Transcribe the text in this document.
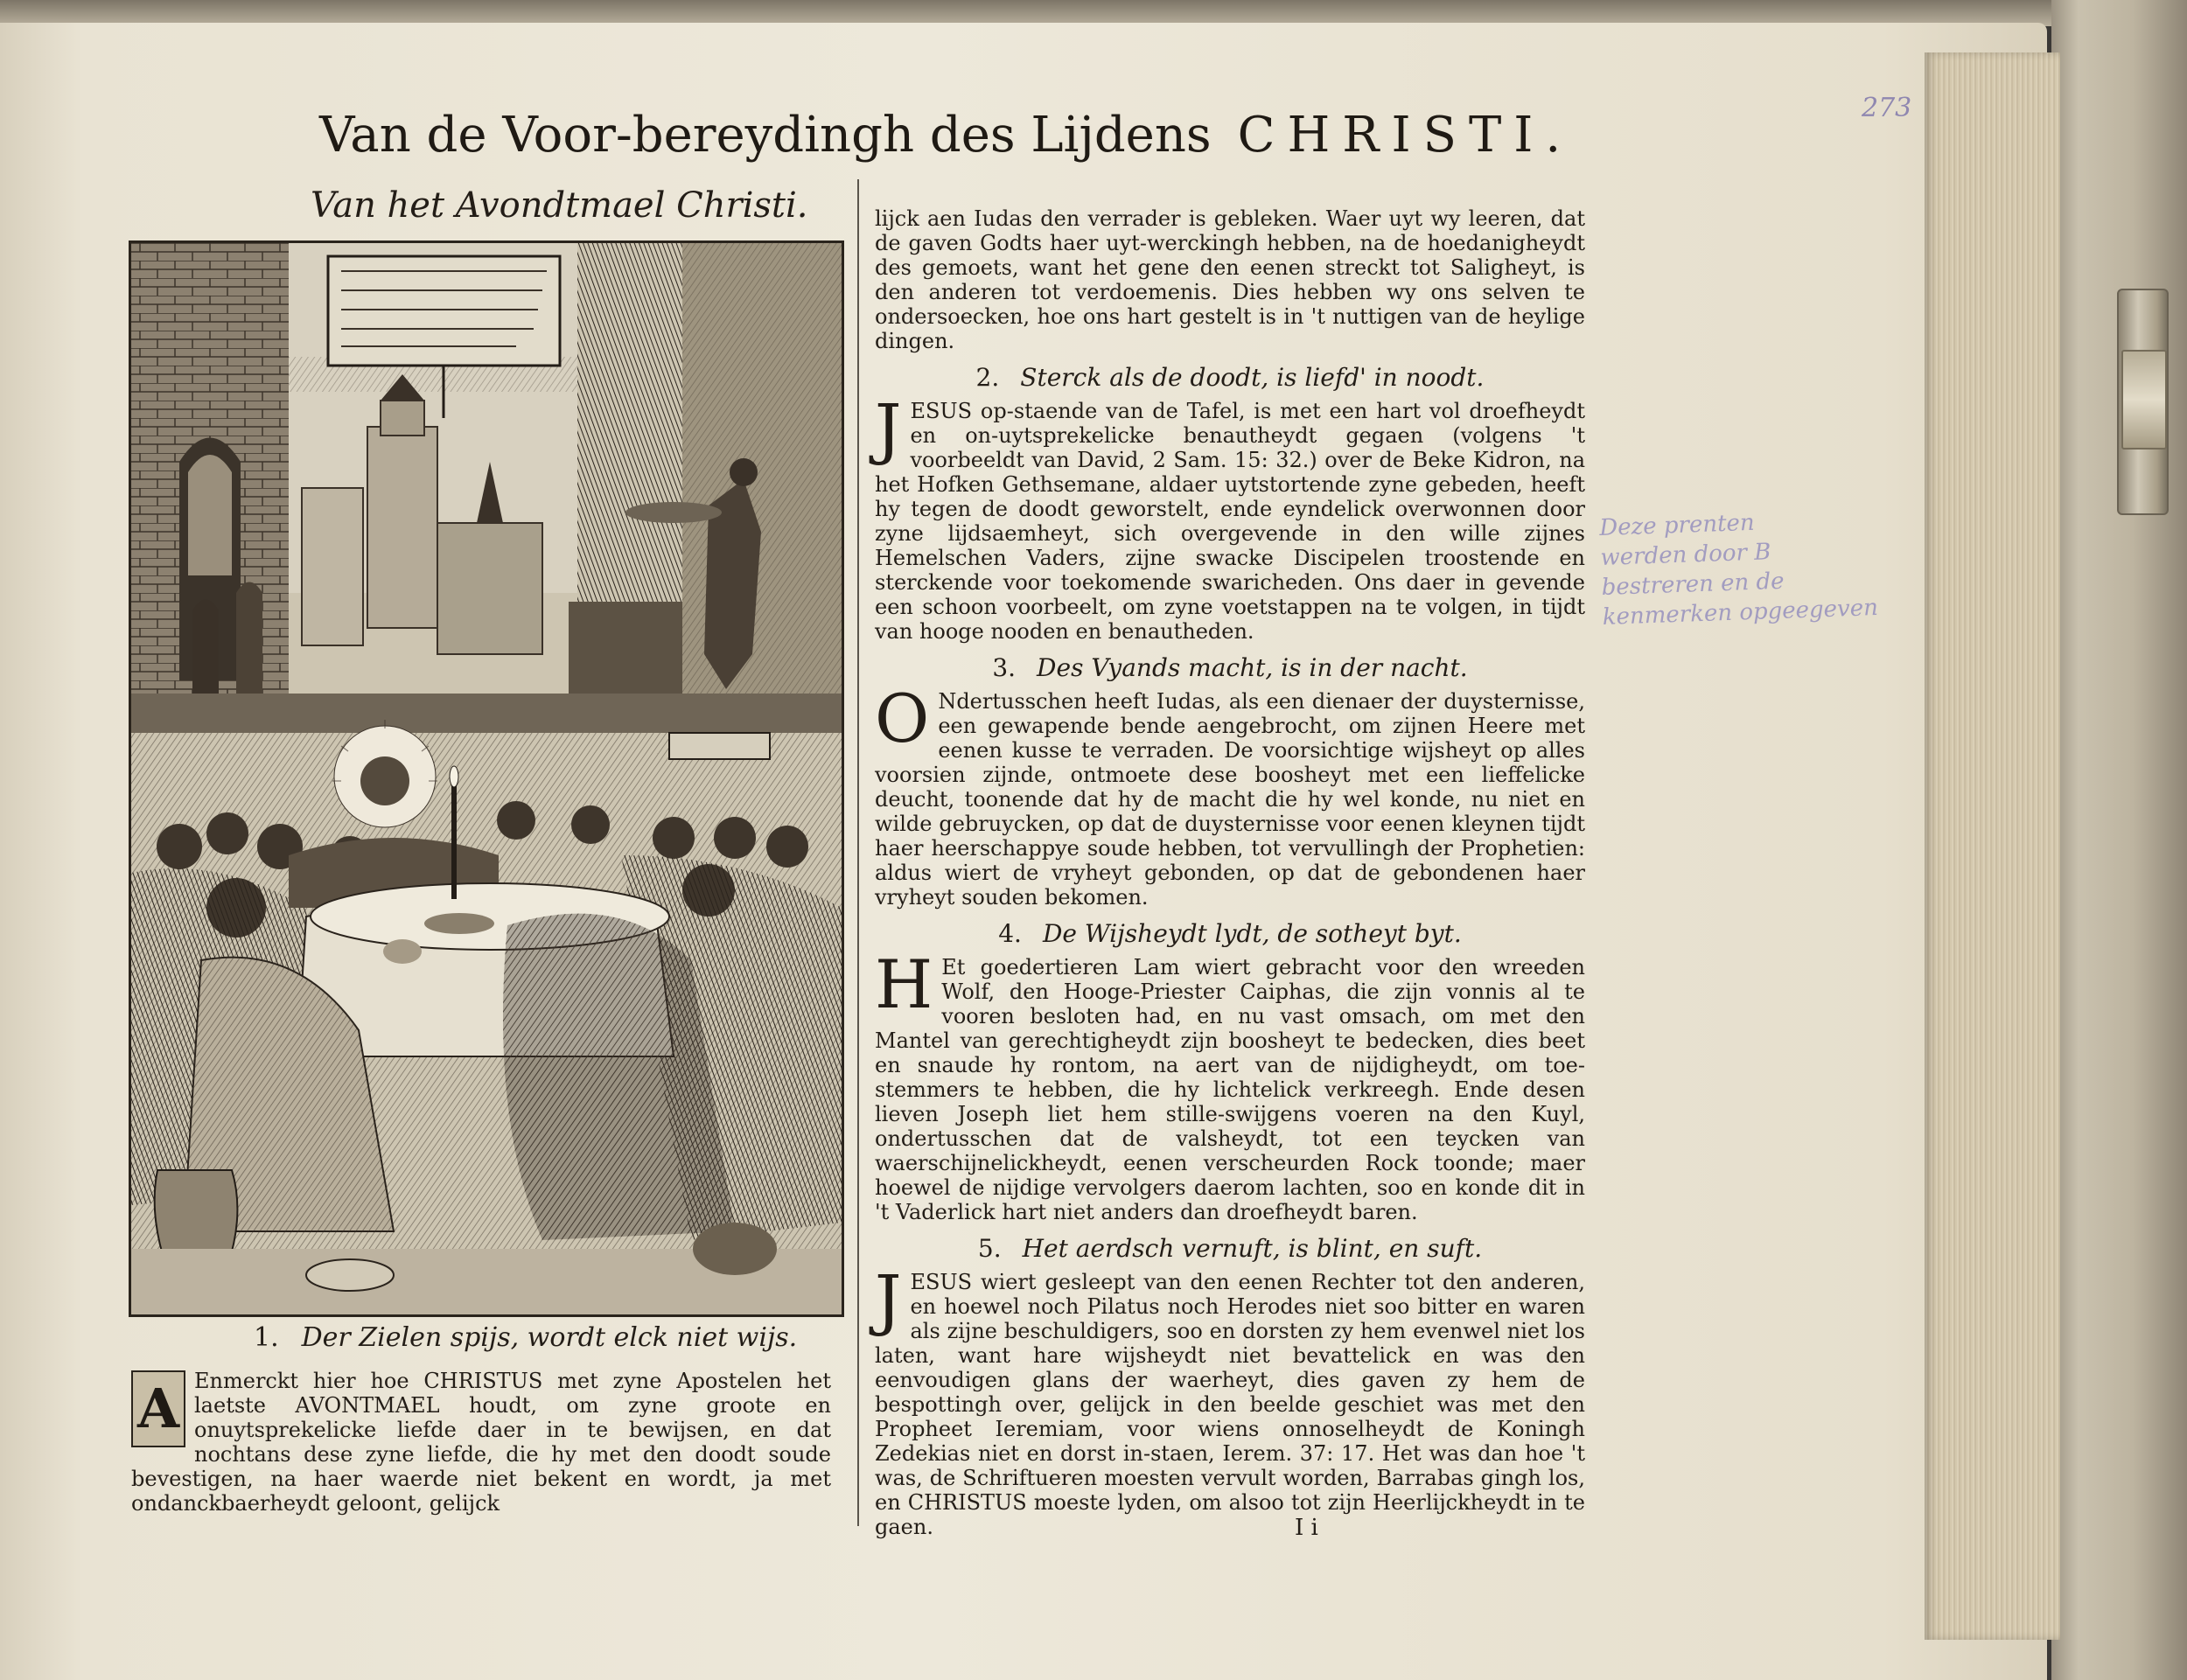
273
Van de Voor-bereydingh des Lijdens CHRISTI.
Van het Avondtmael Christi.
1. Der Zielen spijs, wordt elck niet wijs.
A Enmerckt hier hoe CHRISTUS met zyne Apostelen het laetste AVONTMAEL houdt, om zyne groote en onuytsprekelicke liefde daer in te bewijsen, en dat nochtans dese zyne liefde, die hy met den doodt soude bevestigen, na haer waerde niet bekent en wordt, ja met ondanckbaerheydt geloont, gelijck

lijck aen Iudas den verrader is gebleken. Waer uyt wy leeren, dat de gaven Godts haer uyt-werckingh hebben, na de hoedanigheydt des gemoets, want het gene den eenen streckt tot Saligheyt, is den anderen tot verdoemenis. Dies hebben wy ons selven te ondersoecken, hoe ons hart gestelt is in 't nuttigen van de heylige dingen.

2. Sterck als de doodt, is liefd' in noodt.

JESUS op-staende van de Tafel, is met een hart vol droefheydt en on-uytsprekelicke benautheydt gegaen (volgens 't voorbeeldt van David, 2 Sam. 15: 32.) over de Beke Kidron, na het Hofken Gethsemane, aldaer uytstortende zyne gebeden, heeft hy tegen de doodt geworstelt, ende eyndelick overwonnen door zyne lijdsaemheyt, sich overgevende in den wille zijnes Hemelschen Vaders, zijne swacke Discipelen troostende en sterckende voor toekomende swaricheden. Ons daer in gevende een schoon voorbeelt, om zyne voetstappen na te volgen, in tijdt van hooge nooden en benautheden.

3. Des Vyands macht, is in der nacht.

O Ndertusschen heeft Iudas, als een dienaer der duysternisse, een gewapende bende aengebrocht, om zijnen Heere met eenen kusse te verraden. De voorsichtige wijsheyt op alles voorsien zijnde, ontmoete dese boosheyt met een lieffelicke deucht, toonende dat hy de macht die hy wel konde, nu niet en wilde gebruycken, op dat de duysternisse voor eenen kleynen tijdt haer heerschappye soude hebben, tot vervullingh der Prophetien: aldus wiert de vryheyt gebonden, op dat de gebondenen haer vryheyt souden bekomen.

4. De Wijsheydt lydt, de sotheyt byt.

H Et goedertieren Lam wiert gebracht voor den wreeden Wolf, den Hooge-Priester Caiphas, die zijn vonnis al te vooren besloten had, en nu vast omsach, om met den Mantel van gerechtigheydt zijn boosheyt te bedecken, dies beet en snaude hy rontom, na aert van de nijdigheydt, om toe-stemmers te hebben, die hy lichtelick verkreegh. Ende desen lieven Joseph liet hem stille-swijgens voeren na den Kuyl, ondertusschen dat de valsheydt, tot een teycken van waerschijnelickheydt, eenen verscheurden Rock toonde; maer hoewel de nijdige vervolgers daerom lachten, soo en konde dit in 't Vaderlick hart niet anders dan droefheydt baren.

5. Het aerdsch vernuft, is blint, en suft.

JESUS wiert gesleept van den eenen Rechter tot den anderen, en hoewel noch Pilatus noch Herodes niet soo bitter en waren als zijne beschuldigers, soo en dorsten zy hem evenwel niet los laten, want hare wijsheydt niet bevattelick en was den eenvoudigen glans der waerheyt, dies gaven zy hem de bespottingh over, gelijck in den beelde geschiet was met den Propheet Ieremiam, voor wiens onnoselheydt de Koningh Zedekias niet en dorst in-staen, Ierem. 37: 17. Het was dan hoe 't was, de Schriftueren moesten vervult worden, Barrabas gingh los, en CHRISTUS moeste lyden, om alsoo tot zijn Heerlijckheydt in te gaen.	I i
Deze prenten
werden door B
bestreren en de
kenmerken opgeegeven
